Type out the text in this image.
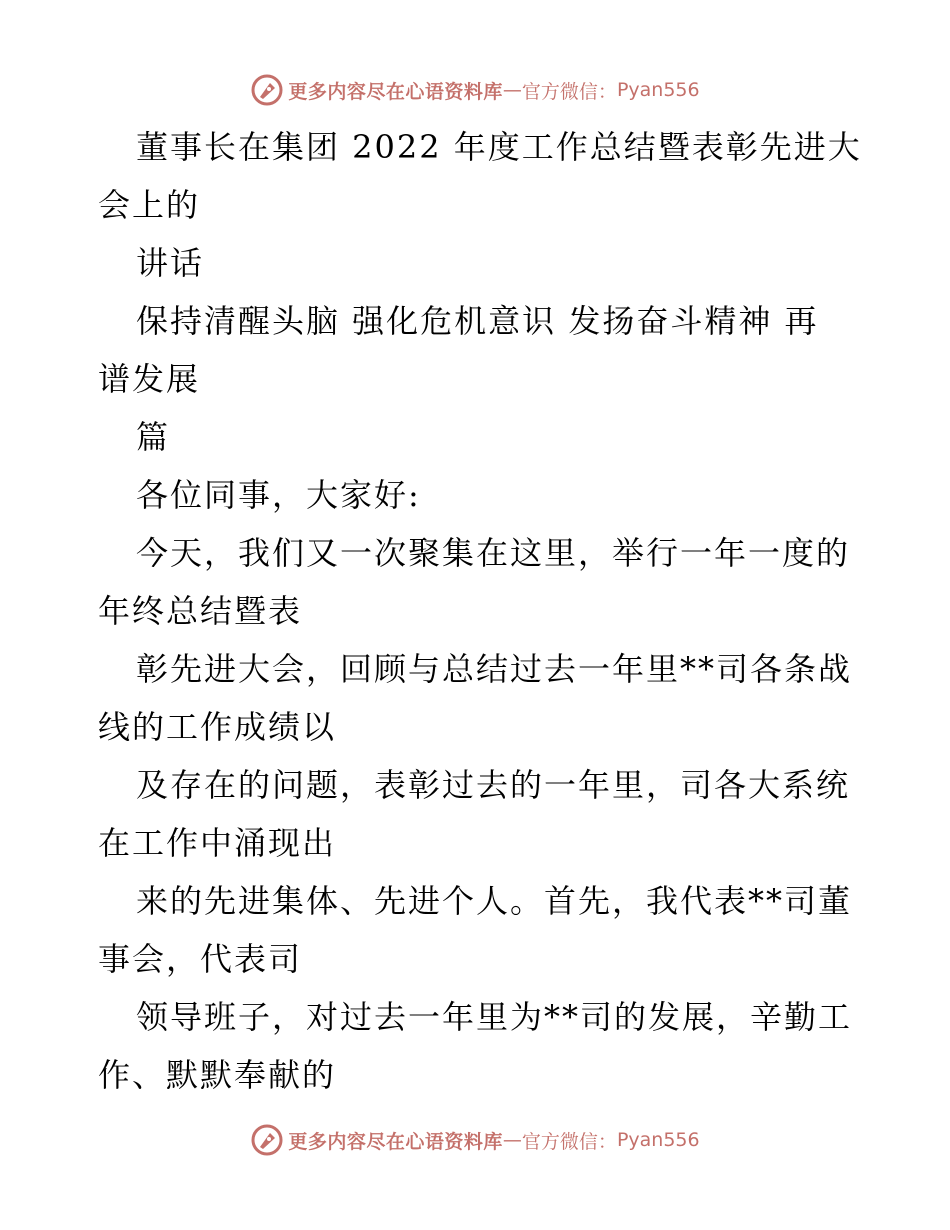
更多内容尽在心语资料库 — 官方微信： Pyan556
董事长在集团 2022 年度工作总结暨表彰先进大
会上的
讲话
保持清醒头脑 强化危机意识 发扬奋斗精神 再
谱发展
篇
各位同事，大家好:
今天，我们又一次聚集在这里，举行一年一度的
年终总结暨表
彰先进大会，回顾与总结过去一年里**司各条战
线的工作成绩以
及存在的问题，表彰过去的一年里，司各大系统
在工作中涌现出
来的先进集体、先进个人。首先，我代表**司董
事会，代表司
领导班子，对过去一年里为**司的发展，辛勤工
作、默默奉献的
更多内容尽在心语资料库 — 官方微信： Pyan556
